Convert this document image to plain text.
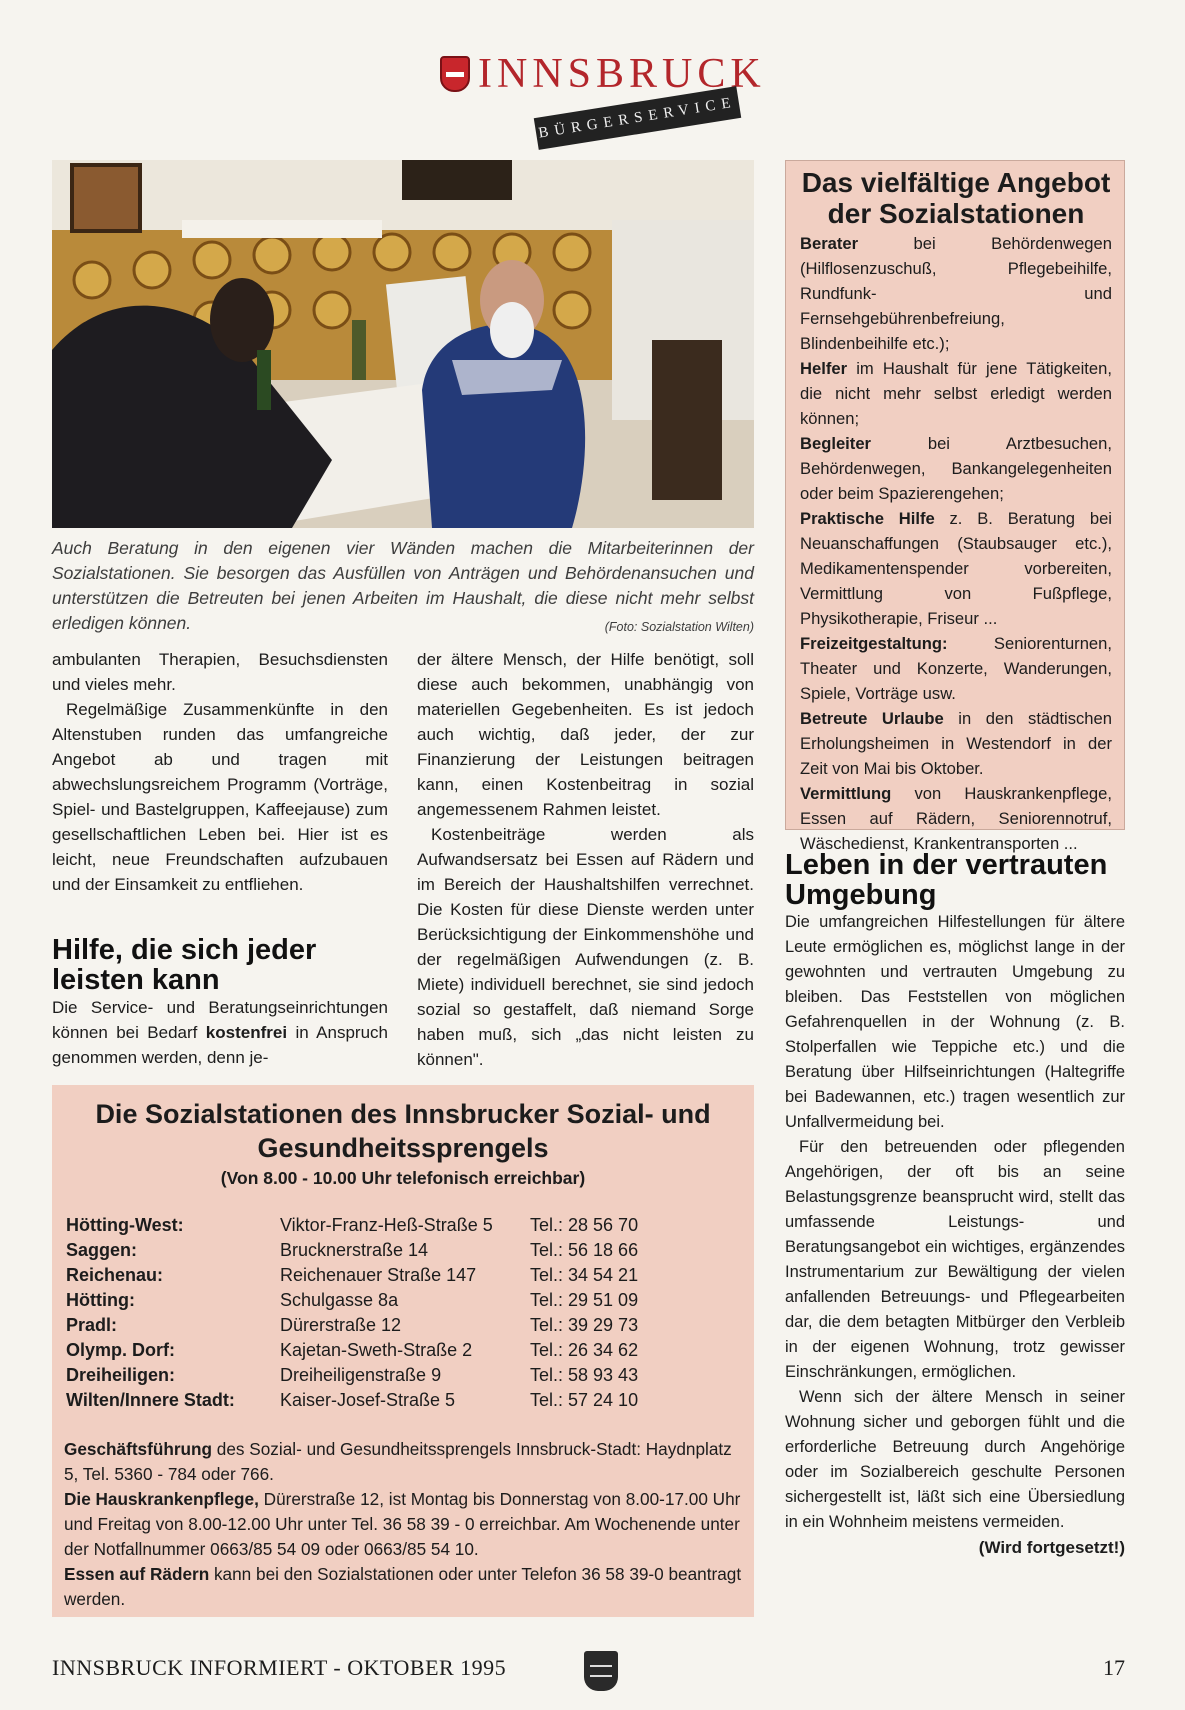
INNSBRUCK
BÜRGERSERVICE
Auch Beratung in den eigenen vier Wänden machen die Mitarbeiterinnen der Sozialstationen. Sie besorgen das Ausfüllen von Anträgen und Behördenansuchen und unterstützen die Betreuten bei jenen Arbeiten im Haushalt, die diese nicht mehr selbst erledigen können.	(Foto: Sozialstation Wilten)

ambulanten Therapien, Besuchsdiensten und vieles mehr.

Regelmäßige Zusammenkünfte in den Altenstuben runden das umfangreiche Angebot ab und tragen mit abwechslungsreichem Programm (Vorträge, Spiel- und Bastelgruppen, Kaffeejause) zum gesellschaftlichen Leben bei. Hier ist es leicht, neue Freundschaften aufzubauen und der Einsamkeit zu entfliehen.

Hilfe, die sich jeder leisten kann

Die Service- und Beratungseinrichtungen können bei Bedarf kostenfrei in Anspruch genommen werden, denn je-

der ältere Mensch, der Hilfe benötigt, soll diese auch bekommen, unabhängig von materiellen Gegebenheiten. Es ist jedoch auch wichtig, daß jeder, der zur Finanzierung der Leistungen beitragen kann, einen Kostenbeitrag in sozial angemessenem Rahmen leistet.

Kostenbeiträge werden als Aufwandsersatz bei Essen auf Rädern und im Bereich der Haushaltshilfen verrechnet. Die Kosten für diese Dienste werden unter Berücksichtigung der Einkommenshöhe und der regelmäßigen Aufwendungen (z. B. Miete) individuell berechnet, sie sind jedoch sozial so gestaffelt, daß niemand Sorge haben muß, sich „das nicht leisten zu können".

Das vielfältige Angebot der Sozialstationen

Berater bei Behördenwegen (Hilflosenzuschuß, Pflegebeihilfe, Rundfunk- und Fernsehgebührenbefreiung, Blindenbeihilfe etc.);

Helfer im Haushalt für jene Tätigkeiten, die nicht mehr selbst erledigt werden können;

Begleiter bei Arztbesuchen, Behördenwegen, Bankangelegenheiten oder beim Spazierengehen;

Praktische Hilfe z. B. Beratung bei Neuanschaffungen (Staubsauger etc.), Medikamentenspender vorbereiten, Vermittlung von Fußpflege, Physikotherapie, Friseur ...

Freizeitgestaltung: Seniorenturnen, Theater und Konzerte, Wanderungen, Spiele, Vorträge usw.

Betreute Urlaube in den städtischen Erholungsheimen in Westendorf in der Zeit von Mai bis Oktober.

Vermittlung von Hauskrankenpflege, Essen auf Rädern, Seniorennotruf, Wäschedienst, Krankentransporten ...

Leben in der vertrauten Umgebung

Die umfangreichen Hilfestellungen für ältere Leute ermöglichen es, möglichst lange in der gewohnten und vertrauten Umgebung zu bleiben. Das Feststellen von möglichen Gefahrenquellen in der Wohnung (z. B. Stolperfallen wie Teppiche etc.) und die Beratung über Hilfseinrichtungen (Haltegriffe bei Badewannen, etc.) tragen wesentlich zur Unfallvermeidung bei.

Für den betreuenden oder pflegenden Angehörigen, der oft bis an seine Belastungsgrenze beansprucht wird, stellt das umfassende Leistungs- und Beratungsangebot ein wichtiges, ergänzendes Instrumentarium zur Bewältigung der vielen anfallenden Betreuungs- und Pflegearbeiten dar, die dem betagten Mitbürger den Verbleib in der eigenen Wohnung, trotz gewisser Einschränkungen, ermöglichen.

Wenn sich der ältere Mensch in seiner Wohnung sicher und geborgen fühlt und die erforderliche Betreuung durch Angehörige oder im Sozialbereich geschulte Personen sichergestellt ist, läßt sich eine Übersiedlung in ein Wohnheim meistens vermeiden.

(Wird fortgesetzt!)

Die Sozialstationen des Innsbrucker Sozial- und Gesundheitssprengels
(Von 8.00 - 10.00 Uhr telefonisch erreichbar)
Hötting-West:	Viktor-Franz-Heß-Straße 5	Tel.: 28 56 70
Saggen:	Brucknerstraße 14	Tel.: 56 18 66
Reichenau:	Reichenauer Straße 147	Tel.: 34 54 21
Hötting:	Schulgasse 8a	Tel.: 29 51 09
Pradl:	Dürerstraße 12	Tel.: 39 29 73
Olymp. Dorf:	Kajetan-Sweth-Straße 2	Tel.: 26 34 62
Dreiheiligen:	Dreiheiligenstraße 9	Tel.: 58 93 43
Wilten/Innere Stadt:	Kaiser-Josef-Straße 5	Tel.: 57 24 10

Geschäftsführung des Sozial- und Gesundheitssprengels Innsbruck-Stadt: Haydnplatz 5, Tel. 5360 - 784 oder 766.

Die Hauskrankenpflege, Dürerstraße 12, ist Montag bis Donnerstag von 8.00-17.00 Uhr und Freitag von 8.00-12.00 Uhr unter Tel. 36 58 39 - 0 erreichbar. Am Wochenende unter der Notfallnummer 0663/85 54 09 oder 0663/85 54 10.

Essen auf Rädern kann bei den Sozialstationen oder unter Telefon 36 58 39-0 beantragt werden.

INNSBRUCK INFORMIERT - OKTOBER 1995	17
